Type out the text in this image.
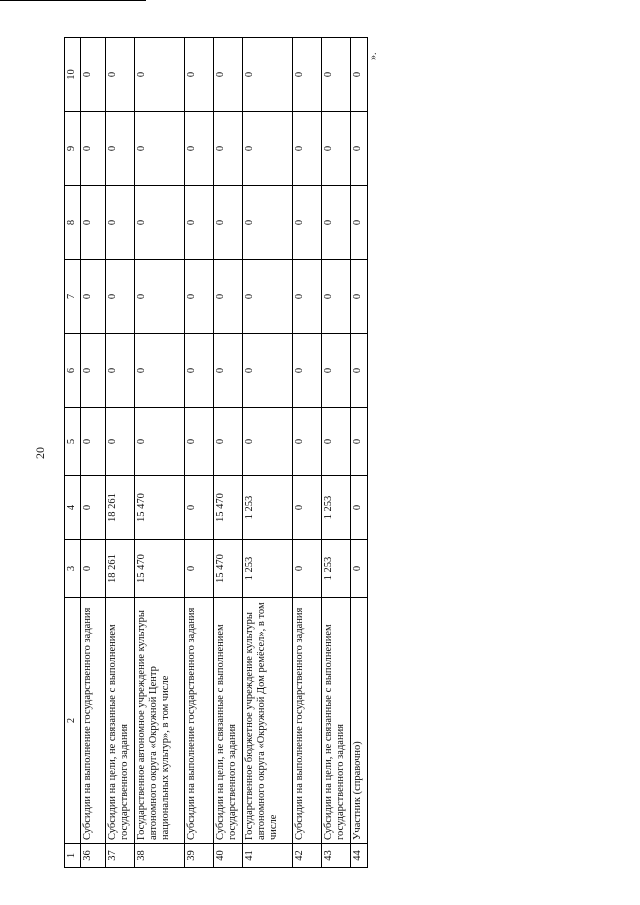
20
1	2	3	4	5	6	7	8	9	10
36	Субсидии на выполнение государственного задания	0	0	0	0	0	0	0	0
37	Субсидии на цели, не связанные с выполнением государственного задания	18 261	18 261	0	0	0	0	0	0
38	Государственное автономное учреждение культуры автономного округа «Окружной Центр национальных культур», в том числе	15 470	15 470	0	0	0	0	0	0
39	Субсидии на выполнение государственного задания	0	0	0	0	0	0	0	0
40	Субсидии на цели, не связанные с выполнением государственного задания	15 470	15 470	0	0	0	0	0	0
41	Государственное бюджетное учреждение культуры автономного округа «Окружной Дом ремёсел», в том числе	1 253	1 253	0	0	0	0	0	0
42	Субсидии на выполнение государственного задания	0	0	0	0	0	0	0	0
43	Субсидии на цели, не связанные с выполнением государственного задания	1 253	1 253	0	0	0	0	0	0
44	Участник (справочно)	0	0	0	0	0	0	0	0
».
